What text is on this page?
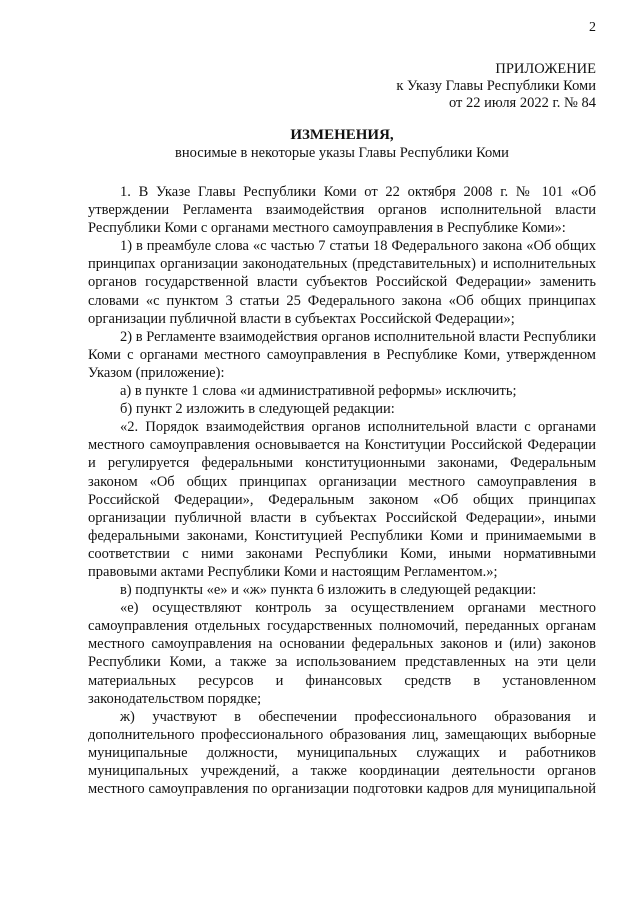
2
ПРИЛОЖЕНИЕ
к Указу Главы Республики Коми
от 22 июля 2022 г. № 84
ИЗМЕНЕНИЯ,
вносимые в некоторые указы Главы Республики Коми

1. В Указе Главы Республики Коми от 22 октября 2008 г. № 101 «Об утверждении Регламента взаимодействия органов исполнительной власти Республики Коми с органами местного самоуправления в Республике Коми»:

1) в преамбуле слова «с частью 7 статьи 18 Федерального закона «Об общих принципах организации законодательных (представительных) и исполнительных органов государственной власти субъектов Российской Федерации» заменить словами «с пунктом 3 статьи 25 Федерального закона «Об общих принципах организации публичной власти в субъектах Российской Федерации»;

2) в Регламенте взаимодействия органов исполнительной власти Республики Коми с органами местного самоуправления в Республике Коми, утвержденном Указом (приложение):

а) в пункте 1 слова «и административной реформы» исключить;

б) пункт 2 изложить в следующей редакции:

«2. Порядок взаимодействия органов исполнительной власти с органами местного самоуправления основывается на Конституции Российской Федерации и регулируется федеральными конституционными законами, Федеральным законом «Об общих принципах организации местного самоуправления в Российской Федерации», Федеральным законом «Об общих принципах организации публичной власти в субъектах Российской Федерации», иными федеральными законами, Конституцией Республики Коми и принимаемыми в соответствии с ними законами Республики Коми, иными нормативными правовыми актами Республики Коми и настоящим Регламентом.»;

в) подпункты «е» и «ж» пункта 6 изложить в следующей редакции:

«е) осуществляют контроль за осуществлением органами местного самоуправления отдельных государственных полномочий, переданных органам местного самоуправления на основании федеральных законов и (или) законов Республики Коми, а также за использованием представленных на эти цели материальных ресурсов и финансовых средств в установленном законодательством порядке;

ж) участвуют в обеспечении профессионального образования и дополнительного профессионального образования лиц, замещающих выборные муниципальные должности, муниципальных служащих и работников муниципальных учреждений, а также координации деятельности органов местного самоуправления по организации подготовки кадров для муниципальной
